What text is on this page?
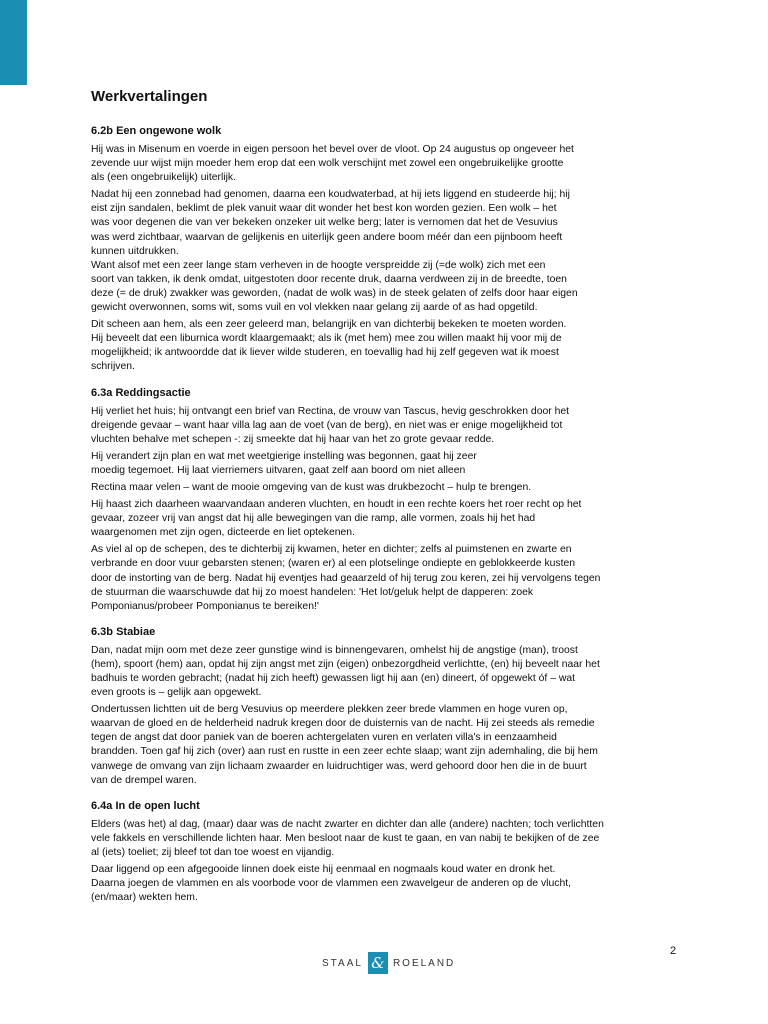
Werkvertalingen
6.2b Een ongewone wolk

Hij was in Misenum en voerde in eigen persoon het bevel over de vloot. Op 24 augustus op ongeveer het
zevende uur wijst mijn moeder hem erop dat een wolk verschijnt met zowel een ongebruikelijke grootte
als (een ongebruikelijk) uiterlijk.

Nadat hij een zonnebad had genomen, daarna een koudwaterbad, at hij iets liggend en studeerde hij; hij
eist zijn sandalen, beklimt de plek vanuit waar dit wonder het best kon worden gezien. Een wolk – het
was voor degenen die van ver bekeken onzeker uit welke berg; later is vernomen dat het de Vesuvius
was werd zichtbaar, waarvan de gelijkenis en uiterlijk geen andere boom méér dan een pijnboom heeft
kunnen uitdrukken.
Want alsof met een zeer lange stam verheven in de hoogte verspreidde zij (=de wolk) zich met een
soort van takken, ik denk omdat, uitgestoten door recente druk, daarna verdween zij in de breedte, toen
deze (= de druk) zwakker was geworden, (nadat de wolk was) in de steek gelaten of zelfs door haar eigen
gewicht overwonnen, soms wit, soms vuil en vol vlekken naar gelang zij aarde of as had opgetild.

Dit scheen aan hem, als een zeer geleerd man, belangrijk en van dichterbij bekeken te moeten worden.
Hij beveelt dat een liburnica wordt klaargemaakt; als ik (met hem) mee zou willen maakt hij voor mij de
mogelijkheid; ik antwoordde dat ik liever wilde studeren, en toevallig had hij zelf gegeven wat ik moest
schrijven.

6.3a Reddingsactie

Hij verliet het huis; hij ontvangt een brief van Rectina, de vrouw van Tascus, hevig geschrokken door het
dreigende gevaar – want haar villa lag aan de voet (van de berg), en niet was er enige mogelijkheid tot
vluchten behalve met schepen -: zij smeekte dat hij haar van het zo grote gevaar redde.

Hij verandert zijn plan en wat met weetgierige instelling was begonnen, gaat hij zeer
moedig tegemoet. Hij laat vierriemers uitvaren, gaat zelf aan boord om niet alleen

Rectina maar velen – want de mooie omgeving van de kust was drukbezocht – hulp te brengen.

Hij haast zich daarheen waarvandaan anderen vluchten, en houdt in een rechte koers het roer recht op het
gevaar, zozeer vrij van angst dat hij alle bewegingen van die ramp, alle vormen, zoals hij het had
waargenomen met zijn ogen, dicteerde en liet optekenen.

As viel al op de schepen, des te dichterbij zij kwamen, heter en dichter; zelfs al puimstenen en zwarte en
verbrande en door vuur gebarsten stenen; (waren er) al een plotselinge ondiepte en geblokkeerde kusten
door de instorting van de berg. Nadat hij eventjes had geaarzeld of hij terug zou keren, zei hij vervolgens tegen
de stuurman die waarschuwde dat hij zo moest handelen: 'Het lot/geluk helpt de dapperen: zoek
Pomponianus/probeer Pomponianus te bereiken!'

6.3b Stabiae

Dan, nadat mijn oom met deze zeer gunstige wind is binnengevaren, omhelst hij de angstige (man), troost
(hem), spoort (hem) aan, opdat hij zijn angst met zijn (eigen) onbezorgdheid verlichtte, (en) hij beveelt naar het
badhuis te worden gebracht; (nadat hij zich heeft) gewassen ligt hij aan (en) dineert, óf opgewekt óf – wat
even groots is – gelijk aan opgewekt.

Ondertussen lichtten uit de berg Vesuvius op meerdere plekken zeer brede vlammen en hoge vuren op,
waarvan de gloed en de helderheid nadruk kregen door de duisternis van de nacht. Hij zei steeds als remedie
tegen de angst dat door paniek van de boeren achtergelaten vuren en verlaten villa's in eenzaamheid
brandden. Toen gaf hij zich (over) aan rust en rustte in een zeer echte slaap; want zijn ademhaling, die bij hem
vanwege de omvang van zijn lichaam zwaarder en luidruchtiger was, werd gehoord door hen die in de buurt
van de drempel waren.

6.4a In de open lucht

Elders (was het) al dag, (maar) daar was de nacht zwarter en dichter dan alle (andere) nachten; toch verlichtten
vele fakkels en verschillende lichten haar. Men besloot naar de kust te gaan, en van nabij te bekijken of de zee
al (iets) toeliet; zij bleef tot dan toe woest en vijandig.

Daar liggend op een afgegooide linnen doek eiste hij eenmaal en nogmaals koud water en dronk het.
Daarna joegen de vlammen en als voorbode voor de vlammen een zwavelgeur de anderen op de vlucht,
(en/maar) wekten hem.

2
STAAL & ROELAND
